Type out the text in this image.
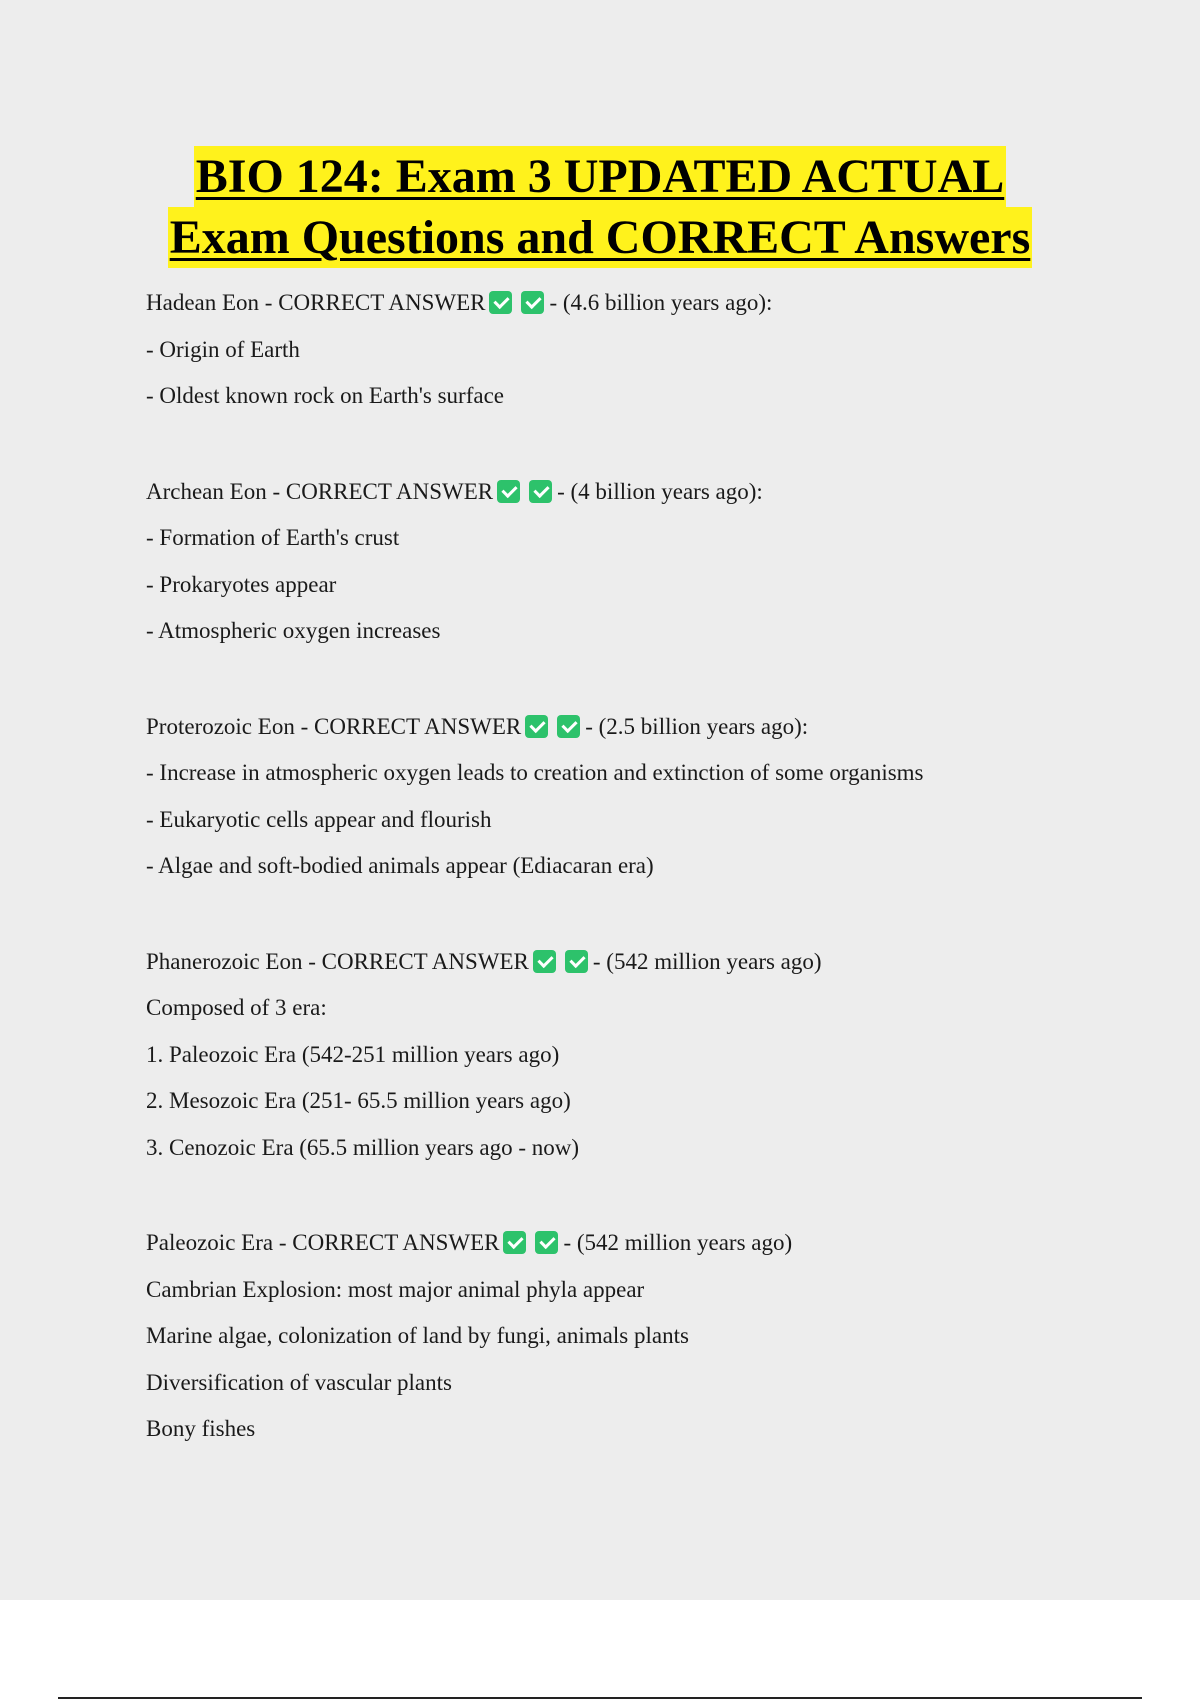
BIO 124: Exam 3 UPDATED ACTUAL
Exam Questions and CORRECT Answers
Hadean Eon - CORRECT ANSWER	- (4.6 billion years ago):
- Origin of Earth
- Oldest known rock on Earth's surface
Archean Eon - CORRECT ANSWER	- (4 billion years ago):
- Formation of Earth's crust
- Prokaryotes appear
- Atmospheric oxygen increases
Proterozoic Eon - CORRECT ANSWER	- (2.5 billion years ago):
- Increase in atmospheric oxygen leads to creation and extinction of some organisms
- Eukaryotic cells appear and flourish
- Algae and soft-bodied animals appear (Ediacaran era)
Phanerozoic Eon - CORRECT ANSWER	- (542 million years ago)
Composed of 3 era:
1. Paleozoic Era (542-251 million years ago)
2. Mesozoic Era (251- 65.5 million years ago)
3. Cenozoic Era (65.5 million years ago - now)
Paleozoic Era - CORRECT ANSWER	- (542 million years ago)
Cambrian Explosion: most major animal phyla appear
Marine algae, colonization of land by fungi, animals plants
Diversification of vascular plants
Bony fishes
